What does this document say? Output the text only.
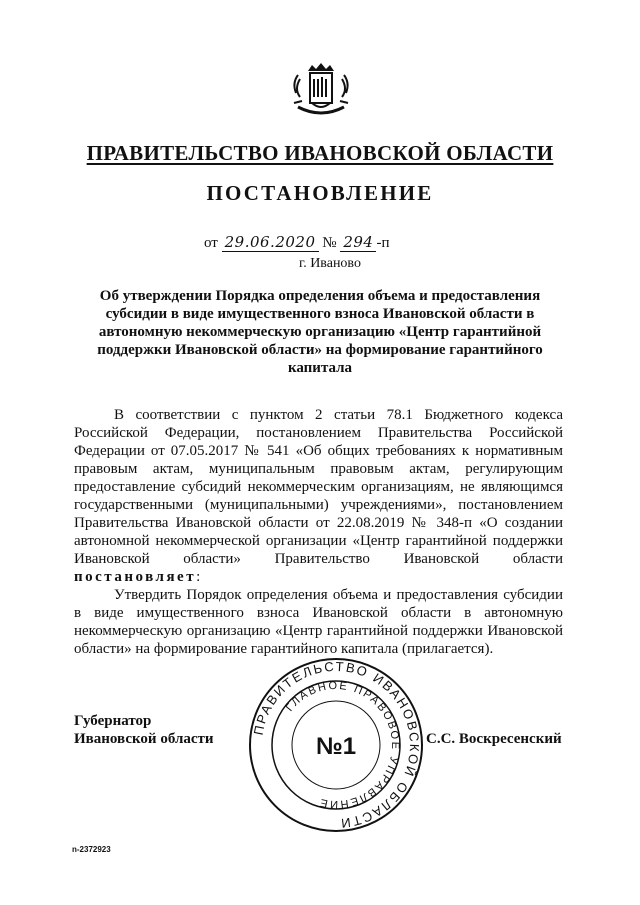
ПРАВИТЕЛЬСТВО ИВАНОВСКОЙ ОБЛАСТИ
ПОСТАНОВЛЕНИЕ
от 29.06.2020 № 294 -п
г. Иваново
Об утверждении Порядка определения объема и предоставления субсидии в виде имущественного взноса Ивановской области в автономную некоммерческую организацию «Центр гарантийной поддержки Ивановской области» на формирование гарантийного капитала

В соответствии с пунктом 2 статьи 78.1 Бюджетного кодекса Российской Федерации, постановлением Правительства Российской Федерации от 07.05.2017 № 541 «Об общих требованиях к нормативным правовым актам, муниципальным правовым актам, регулирующим предоставление субсидий некоммерческим организациям, не являющимся государственными (муниципальными) учреждениями», постановлением Правительства Ивановской области от 22.08.2019 № 348-п «О создании автономной некоммерческой организации «Центр гарантийной поддержки Ивановской области» Правительство Ивановской области постановляет:

Утвердить Порядок определения объема и предоставления субсидии в виде имущественного взноса Ивановской области в автономную некоммерческую организацию «Центр гарантийной поддержки Ивановской области» на формирование гарантийного капитала (прилагается).

Губернатор Ивановской области	С.С. Воскресенский
ПРАВИТЕЛЬСТВО ИВАНОВСКОЙ ОБЛАСТИ
ГЛАВНОЕ ПРАВОВОЕ УПРАВЛЕНИЕ
№1
n-2372923
